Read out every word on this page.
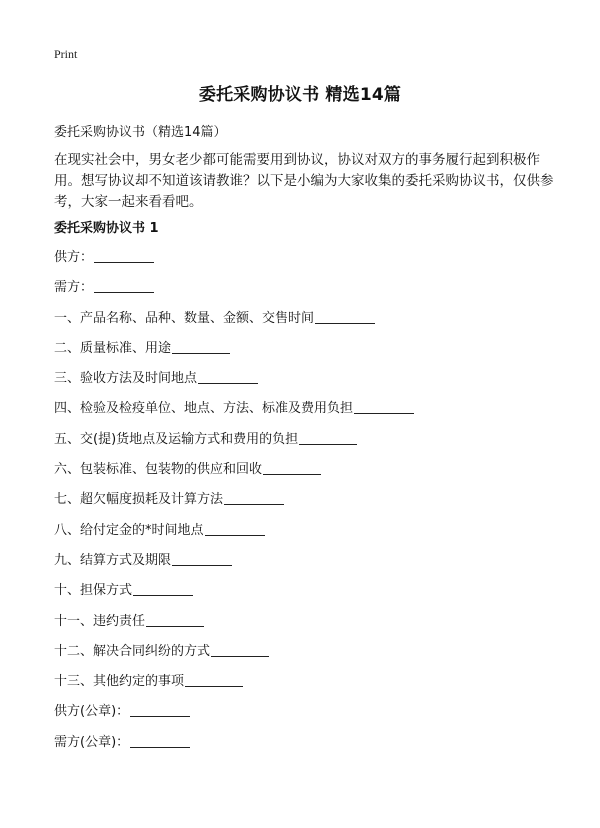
Print
委托采购协议书 精选14篇

委托采购协议书（精选14篇）

在现实社会中，男女老少都可能需要用到协议，协议对双方的事务履行起到积极作用。想写协议却不知道该请教谁？以下是小编为大家收集的委托采购协议书，仅供参考，大家一起来看看吧。

委托采购协议书 1
供方：
需方：
一、产品名称、品种、数量、金额、交售时间
二、质量标准、用途
三、验收方法及时间地点
四、检验及检疫单位、地点、方法、标准及费用负担
五、交(提)货地点及运输方式和费用的负担
六、包装标准、包装物的供应和回收
七、超欠幅度损耗及计算方法
八、给付定金的*时间地点
九、结算方式及期限
十、担保方式
十一、违约责任
十二、解决合同纠纷的方式
十三、其他约定的事项
供方(公章)：
需方(公章)：
